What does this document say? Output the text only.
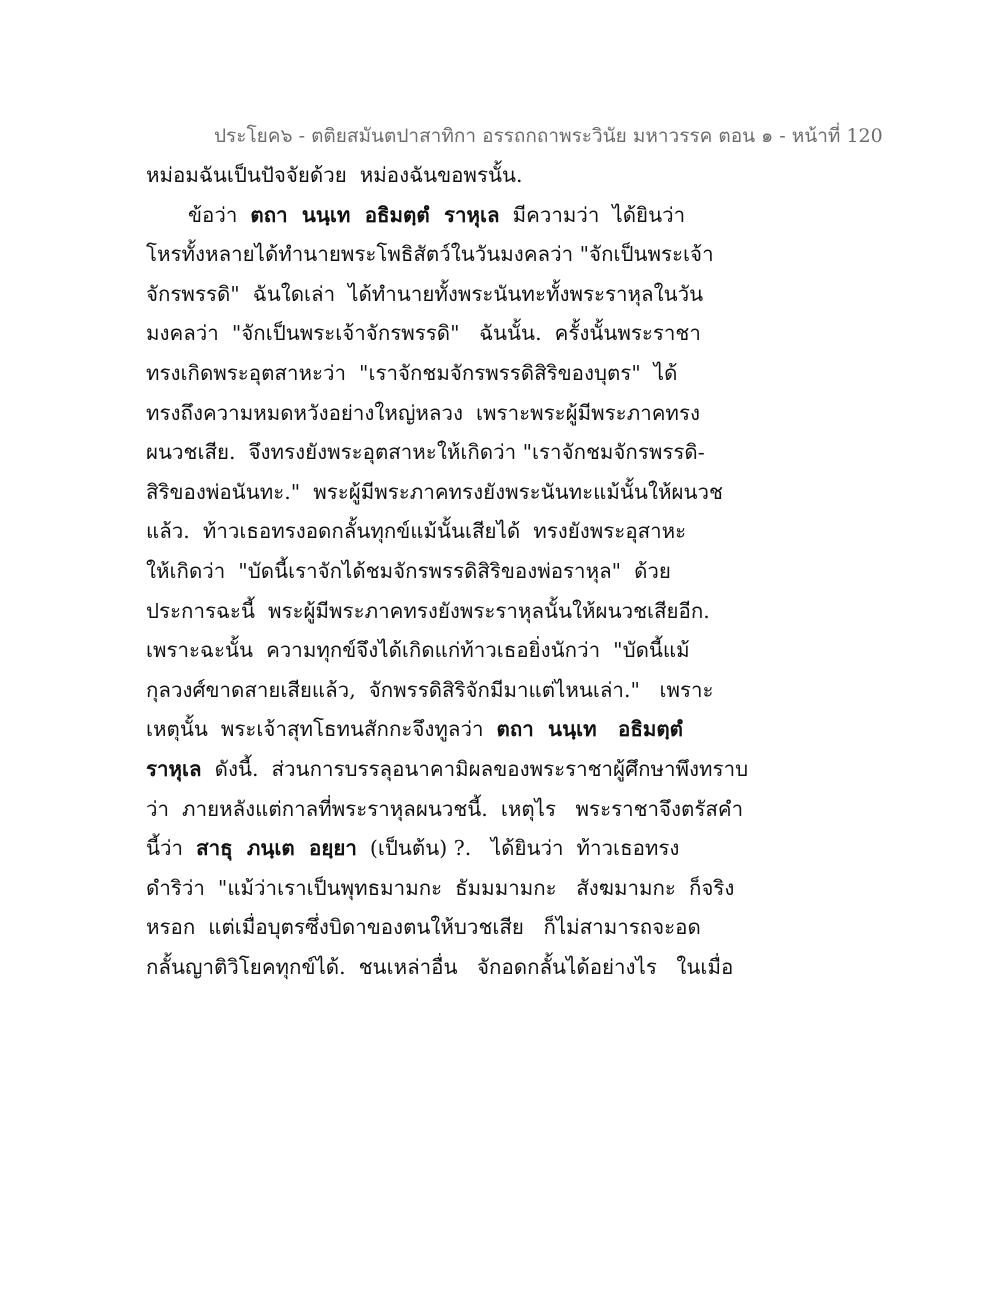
ประโยค๖ - ตติยสมันตปาสาทิกา อรรถกถาพระวินัย มหาวรรค ตอน ๑ - หน้าที่ 120
หม่อมฉันเป็นปัจจัยด้วย  หม่องฉันขอพรนั้น.
ข้อว่า  ตถา  นนฺเท  อธิมตฺตํ  ราหุเล  มีความว่า  ได้ยินว่า
โหรทั้งหลายได้ทำนายพระโพธิสัตว์ในวันมงคลว่า "จักเป็นพระเจ้า
จักรพรรดิ"  ฉันใดเล่า  ได้ทำนายทั้งพระนันทะทั้งพระราหุลในวัน
มงคลว่า  "จักเป็นพระเจ้าจักรพรรดิ"   ฉันนั้น.  ครั้งนั้นพระราชา
ทรงเกิดพระอุตสาหะว่า  "เราจักชมจักรพรรดิสิริของบุตร"  ได้
ทรงถึงความหมดหวังอย่างใหญ่หลวง  เพราะพระผู้มีพระภาคทรง
ผนวชเสีย.  จึงทรงยังพระอุตสาหะให้เกิดว่า "เราจักชมจักรพรรดิ-
สิริของพ่อนันทะ."  พระผู้มีพระภาคทรงยังพระนันทะแม้นั้นให้ผนวช
แล้ว.  ท้าวเธอทรงอดกลั้นทุกข์แม้นั้นเสียได้  ทรงยังพระอุสาหะ
ให้เกิดว่า  "บัดนี้เราจักได้ชมจักรพรรดิสิริของพ่อราหุล"  ด้วย
ประการฉะนี้  พระผู้มีพระภาคทรงยังพระราหุลนั้นให้ผนวชเสียอีก.
เพราะฉะนั้น  ความทุกข์จึงได้เกิดแก่ท้าวเธอยิ่งนักว่า  "บัดนี้แม้
กุลวงศ์ขาดสายเสียแล้ว,  จักพรรดิสิริจักมีมาแต่ไหนเล่า."   เพราะ
เหตุนั้น  พระเจ้าสุทโธทนสักกะจึงทูลว่า  ตถา  นนฺเท   อธิมตฺตํ
ราหุเล  ดังนี้.  ส่วนการบรรลุอนาคามิผลของพระราชาผู้ศึกษาพึงทราบ
ว่า  ภายหลังแต่กาลที่พระราหุลผนวชนี้.  เหตุไร   พระราชาจึงตรัสคำ
นี้ว่า  สาธุ  ภนฺเต  อยฺยา  (เป็นต้น) ?.   ได้ยินว่า  ท้าวเธอทรง
ดำริว่า  "แม้ว่าเราเป็นพุทธมามกะ  ธัมมมามกะ   สังฆมามกะ  ก็จริง
หรอก  แต่เมื่อบุตรซึ่งบิดาของตนให้บวชเสีย   ก็ไม่สามารถจะอด
กลั้นญาติวิโยคทุกข์ได้.  ชนเหล่าอื่น   จักอดกลั้นได้อย่างไร   ในเมื่อ
